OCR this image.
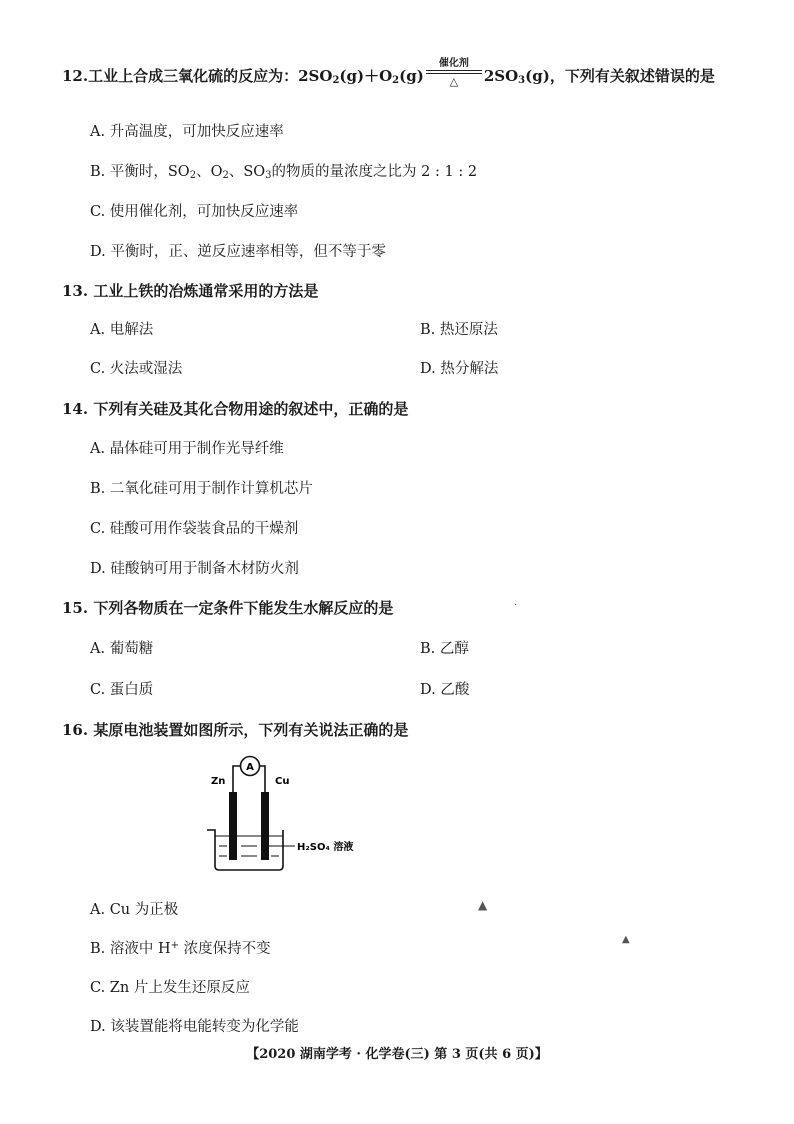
12.工业上合成三氧化硫的反应为：$2SO_2(g)+O_2(g)$
催化剂
△	$2SO_3(g)$，下列有关叙述错误的是
A. 升高温度，可加快反应速率
B. 平衡时，$SO_2$、$O_2$、$SO_3$的物质的量浓度之比为 2 : 1 : 2
C. 使用催化剂，可加快反应速率
D. 平衡时，正、逆反应速率相等，但不等于零
13. 工业上铁的冶炼通常采用的方法是
A. 电解法	B. 热还原法
C. 火法或湿法	D. 热分解法
14. 下列有关硅及其化合物用途的叙述中，正确的是
A. 晶体硅可用于制作光导纤维
B. 二氧化硅可用于制作计算机芯片
C. 硅酸可用作袋装食品的干燥剂
D. 硅酸钠可用于制备木材防火剂
15. 下列各物质在一定条件下能发生水解反应的是
A. 葡萄糖	B. 乙醇
C. 蛋白质	D. 乙酸
16. 某原电池装置如图所示，下列有关说法正确的是
A
Zn	Cu
H₂SO₄ 溶液
A. Cu 为正极
B. 溶液中 H+ 浓度保持不变
C. Zn 片上发生还原反应
D. 该装置能将电能转变为化学能
▲
▲
·
【2020 湖南学考 · 化学卷(三) 第 3 页(共 6 页)】
